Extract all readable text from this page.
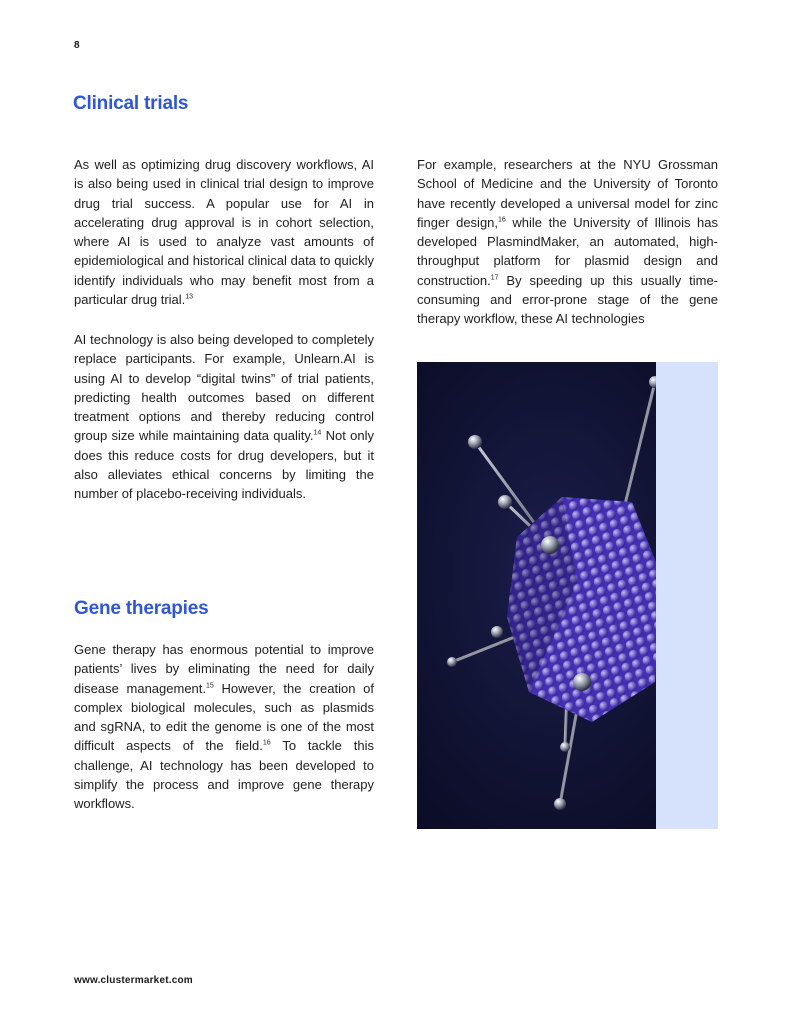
8
Clinical trials

As well as optimizing drug discovery workflows, AI is also being used in clinical trial design to improve drug trial success. A popular use for AI in accelerating drug approval is in cohort selection, where AI is used to analyze vast amounts of epidemiological and historical clinical data to quickly identify individuals who may benefit most from a particular drug trial.$^{13}$

AI technology is also being developed to completely replace participants. For example, Unlearn.AI is using AI to develop “digital twins” of trial patients, predicting health outcomes based on different treatment options and thereby reducing control group size while maintaining data quality.$^{14}$ Not only does this reduce costs for drug developers, but it also alleviates ethical concerns by limiting the number of placebo-receiving individuals.

Gene therapies

Gene therapy has enormous potential to improve patients’ lives by eliminating the need for daily disease management.$^{15}$ However, the creation of complex biological molecules, such as plasmids and sgRNA, to edit the genome is one of the most difficult aspects of the field.$^{16}$ To tackle this challenge, AI technology has been developed to simplify the process and improve gene therapy workflows.

For example, researchers at the NYU Grossman School of Medicine and the University of Toronto have recently developed a universal model for zinc finger design,$^{16}$ while the University of Illinois has developed PlasmindMaker, an automated, high-throughput platform for plasmid design and construction.$^{17}$ By speeding up this usually time-consuming and error-prone stage of the gene therapy workflow, these AI technologies

www.clustermarket.com
